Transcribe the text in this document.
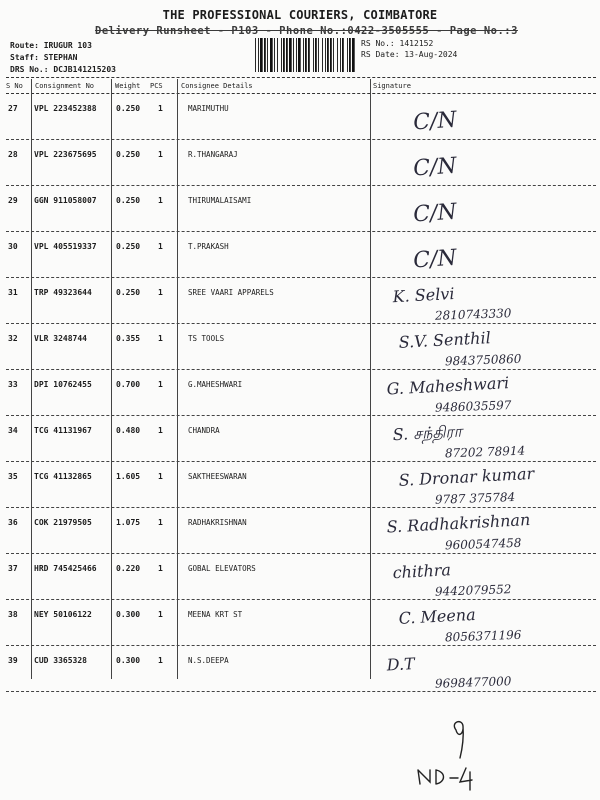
THE PROFESSIONAL COURIERS, COIMBATORE
Delivery Runsheet - P103 - Phone No.:0422-3505555 - Page No.:3
Route: IRUGUR 103
Staff: STEPHAN
DRS No.: DCJB141215203
RS No.: 1412152
RS Date: 13-Aug-2024
S No Consignment No	Weight PCS	Consignee Details	Signature
27 VPL 223452388 0.250 1	MARIMUTHU	C/N
28 VPL 223675695 0.250 1	R.THANGARAJ	C/N
29 GGN 911058007 0.250 1	THIRUMALAISAMI	C/N
30 VPL 405519337 0.250 1	T.PRAKASH	C/N
31 TRP 49323644	0.250 1	SREE VAARI APPARELS	K. Selvi
2810743330
32 VLR 3248744	0.355 1	TS TOOLS	S.V. Senthil
9843750860
33 DPI 10762455	0.700 1	G.MAHESHWARI	G. Maheshwari
9486035597
34 TCG 41131967	0.480 1	CHANDRA	S. சந்திரா
87202 78914
35 TCG 41132865	1.605 1	SAKTHEESWARAN	S. Dronar kumar
9787 375784
36 COK 21979505	1.075 1	RADHAKRISHNAN	S. Radhakrishnan
9600547458
37 HRD 745425466 0.220 1	GOBAL ELEVATORS	chithra
9442079552
38 NEY 50106122	0.300 1	MEENA KRT ST	C. Meena
8056371196
39 CUD 3365328	0.300 1	N.S.DEEPA	D.T
9698477000
